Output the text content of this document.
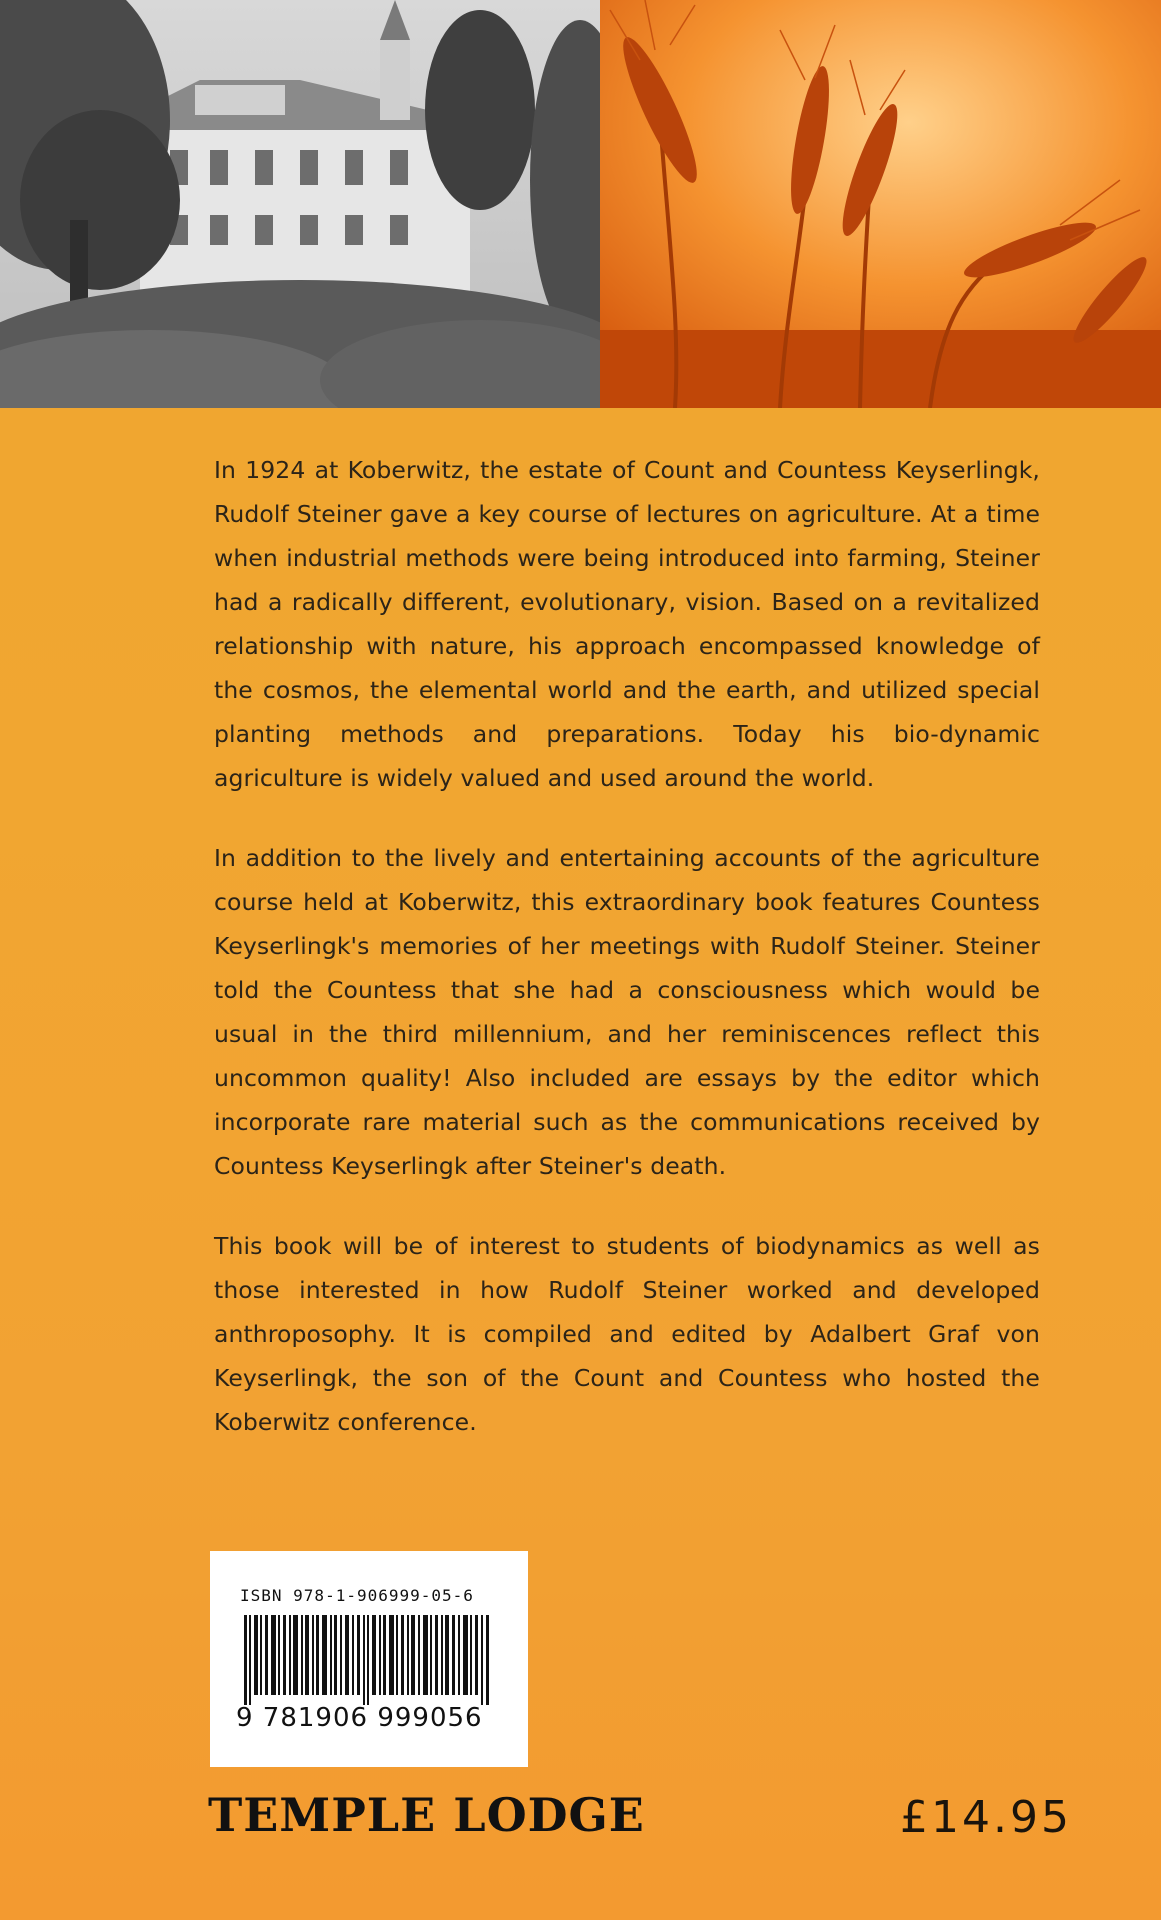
In 1924 at Koberwitz, the estate of Count and Countess Keyserlingk, Rudolf Steiner gave a key course of lectures on agriculture. At a time when industrial methods were being introduced into farming, Steiner had a radically different, evolutionary, vision. Based on a revitalized relationship with nature, his approach encompassed knowledge of the cosmos, the elemental world and the earth, and utilized special planting methods and preparations. Today his bio-dynamic agriculture is widely valued and used around the world.

In addition to the lively and entertaining accounts of the agriculture course held at Koberwitz, this extraordinary book features Countess Keyserlingk's memories of her meetings with Rudolf Steiner. Steiner told the Countess that she had a consciousness which would be usual in the third millennium, and her reminiscences reflect this uncommon quality! Also included are essays by the editor which incorporate rare material such as the communications received by Countess Keyserlingk after Steiner's death.

This book will be of interest to students of biodynamics as well as those interested in how Rudolf Steiner worked and developed anthroposophy. It is compiled and edited by Adalbert Graf von Keyserlingk, the son of the Count and Countess who hosted the Koberwitz conference.

ISBN 978-1-906999-05-6
9 781906 999056
TEMPLE LODGE	£14.95
